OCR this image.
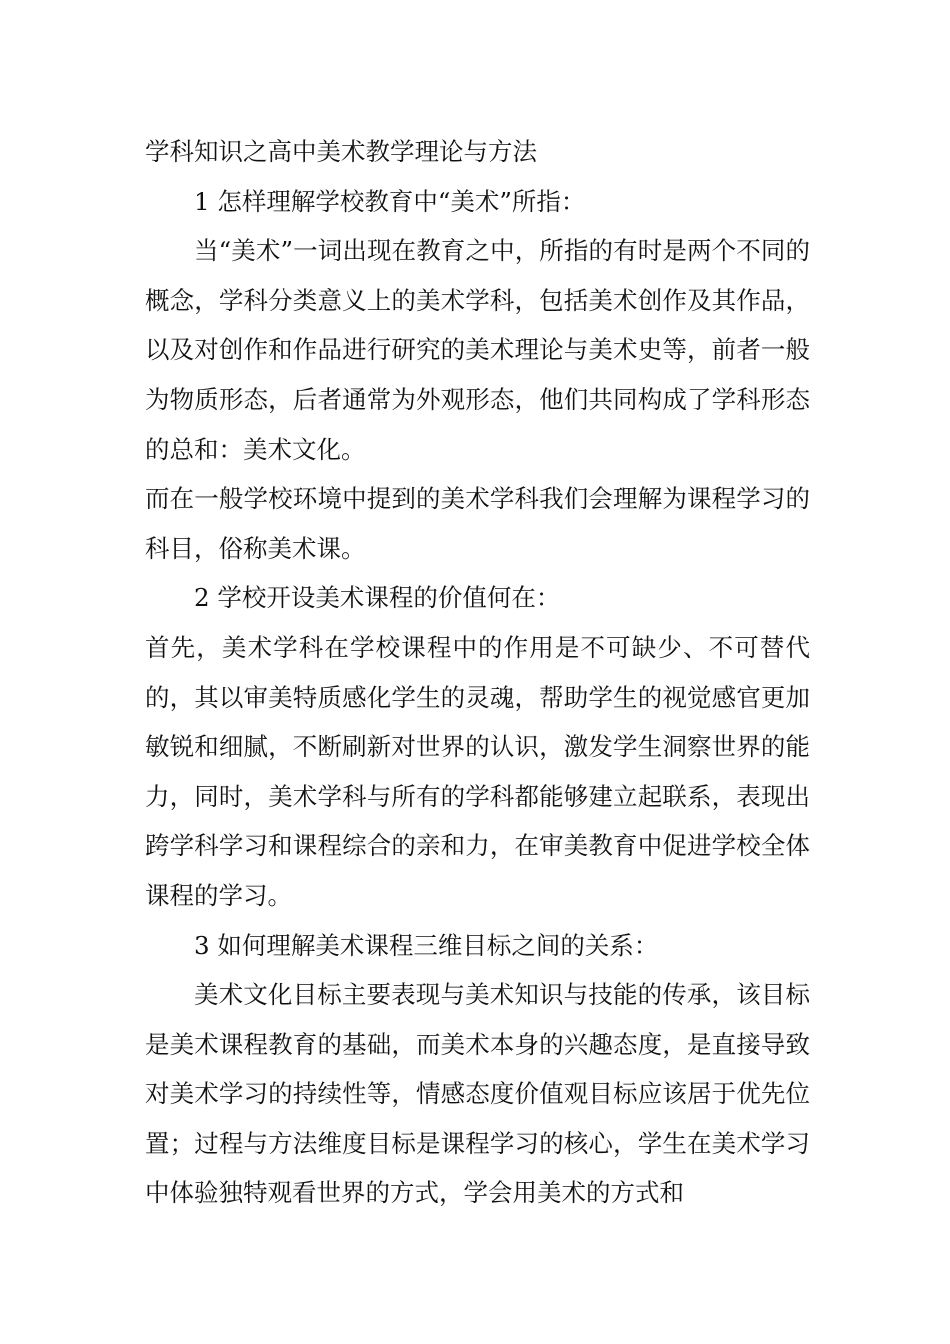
学科知识之高中美术教学理论与方法

1 怎样理解学校教育中“美术”所指：

当“美术”一词出现在教育之中，所指的有时是两个不同的概念，学科分类意义上的美术学科，包括美术创作及其作品，以及对创作和作品进行研究的美术理论与美术史等，前者一般为物质形态，后者通常为外观形态，他们共同构成了学科形态的总和：美术文化。

而在一般学校环境中提到的美术学科我们会理解为课程学习的科目，俗称美术课。

2 学校开设美术课程的价值何在：

首先，美术学科在学校课程中的作用是不可缺少、不可替代的，其以审美特质感化学生的灵魂，帮助学生的视觉感官更加敏锐和细腻，不断刷新对世界的认识，激发学生洞察世界的能力，同时，美术学科与所有的学科都能够建立起联系，表现出跨学科学习和课程综合的亲和力，在审美教育中促进学校全体课程的学习。

3 如何理解美术课程三维目标之间的关系：

美术文化目标主要表现与美术知识与技能的传承，该目标是美术课程教育的基础，而美术本身的兴趣态度，是直接导致对美术学习的持续性等，情感态度价值观目标应该居于优先位置；过程与方法维度目标是课程学习的核心，学生在美术学习中体验独特观看世界的方式，学会用美术的方式和
